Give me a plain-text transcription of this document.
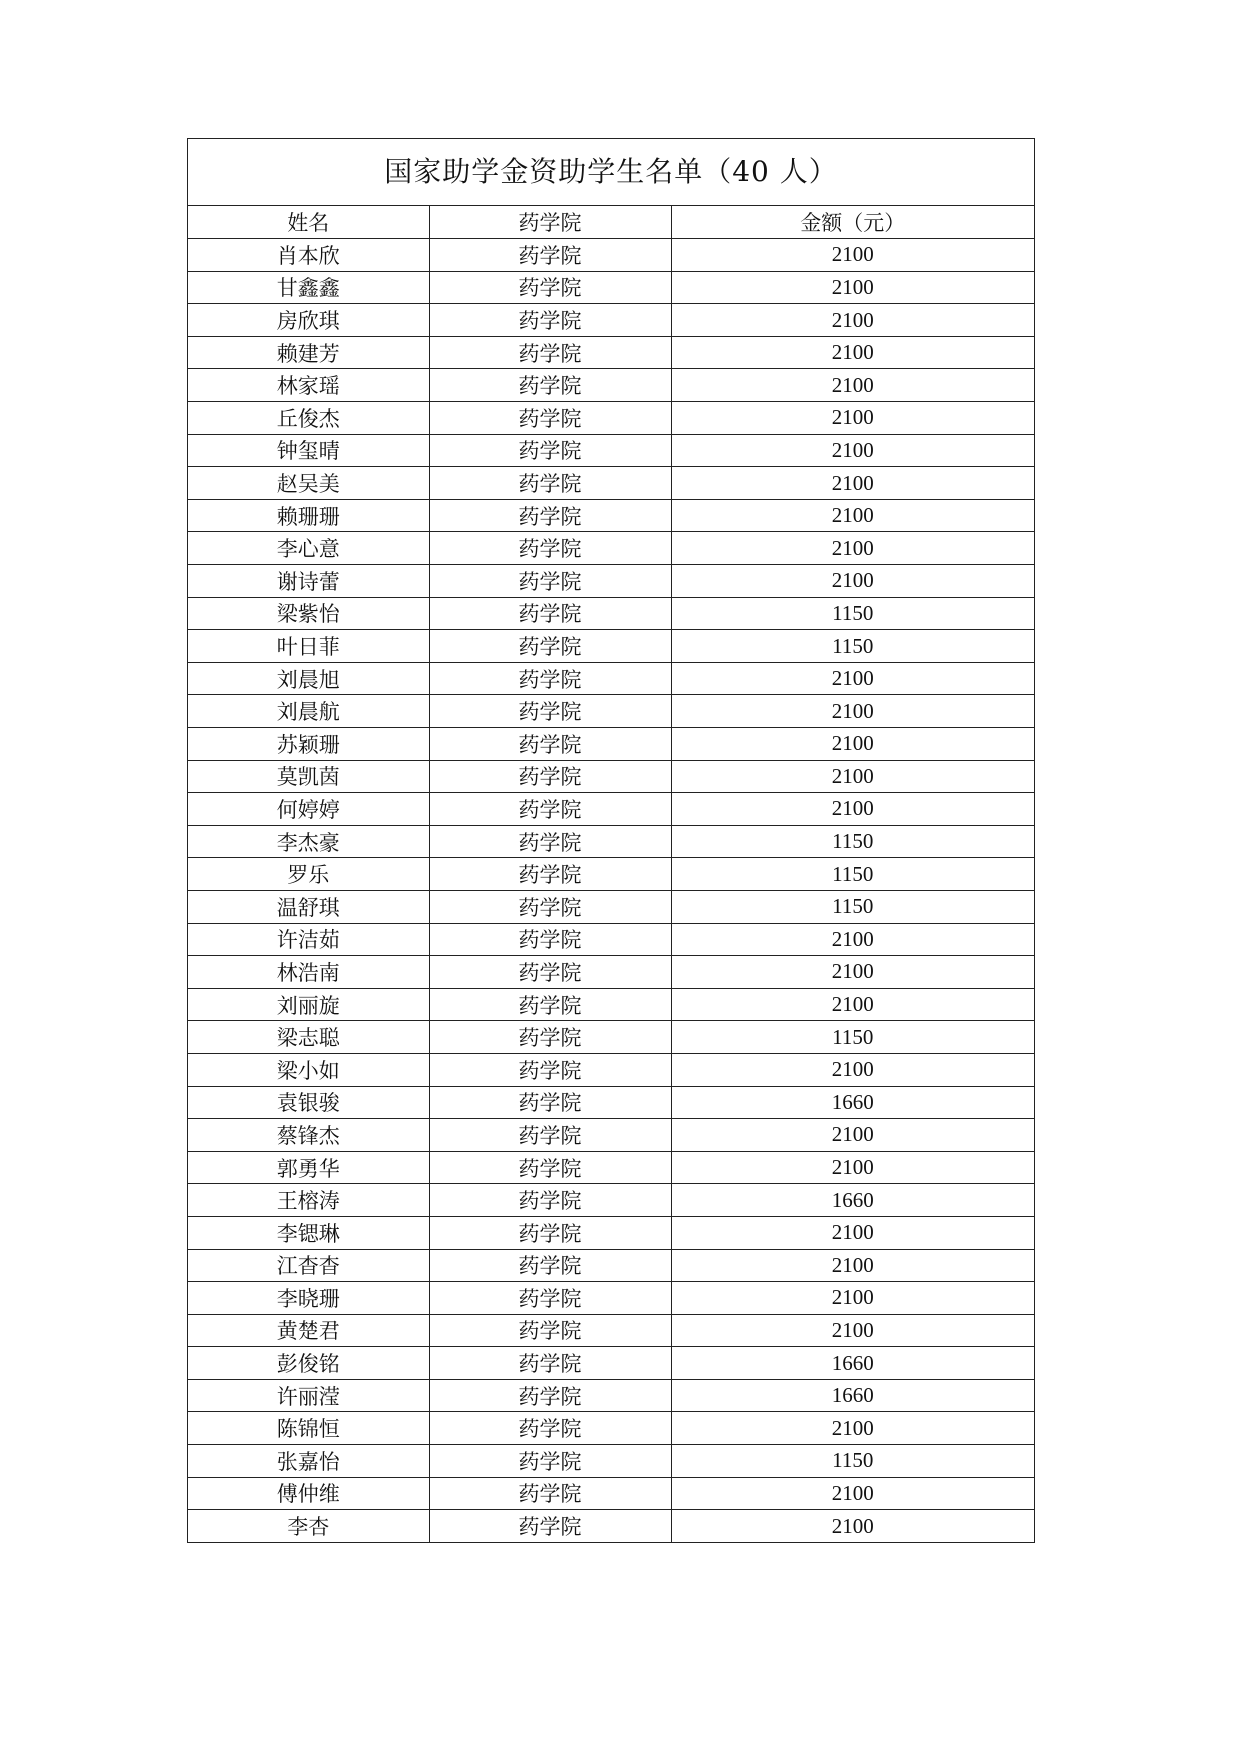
国家助学金资助学生名单（40 人）
姓名	药学院	金额（元）
肖本欣	药学院	2100
甘鑫鑫	药学院	2100
房欣琪	药学院	2100
赖建芳	药学院	2100
林家瑶	药学院	2100
丘俊杰	药学院	2100
钟玺晴	药学院	2100
赵吴美	药学院	2100
赖珊珊	药学院	2100
李心意	药学院	2100
谢诗蕾	药学院	2100
梁紫怡	药学院	1150
叶日菲	药学院	1150
刘晨旭	药学院	2100
刘晨航	药学院	2100
苏颖珊	药学院	2100
莫凯茵	药学院	2100
何婷婷	药学院	2100
李杰豪	药学院	1150
罗乐	药学院	1150
温舒琪	药学院	1150
许洁茹	药学院	2100
林浩南	药学院	2100
刘丽旋	药学院	2100
梁志聪	药学院	1150
梁小如	药学院	2100
袁银骏	药学院	1660
蔡锋杰	药学院	2100
郭勇华	药学院	2100
王榕涛	药学院	1660
李锶琳	药学院	2100
江杳杳	药学院	2100
李晓珊	药学院	2100
黄楚君	药学院	2100
彭俊铭	药学院	1660
许丽滢	药学院	1660
陈锦恒	药学院	2100
张嘉怡	药学院	1150
傅仲维	药学院	2100
李杏	药学院	2100
